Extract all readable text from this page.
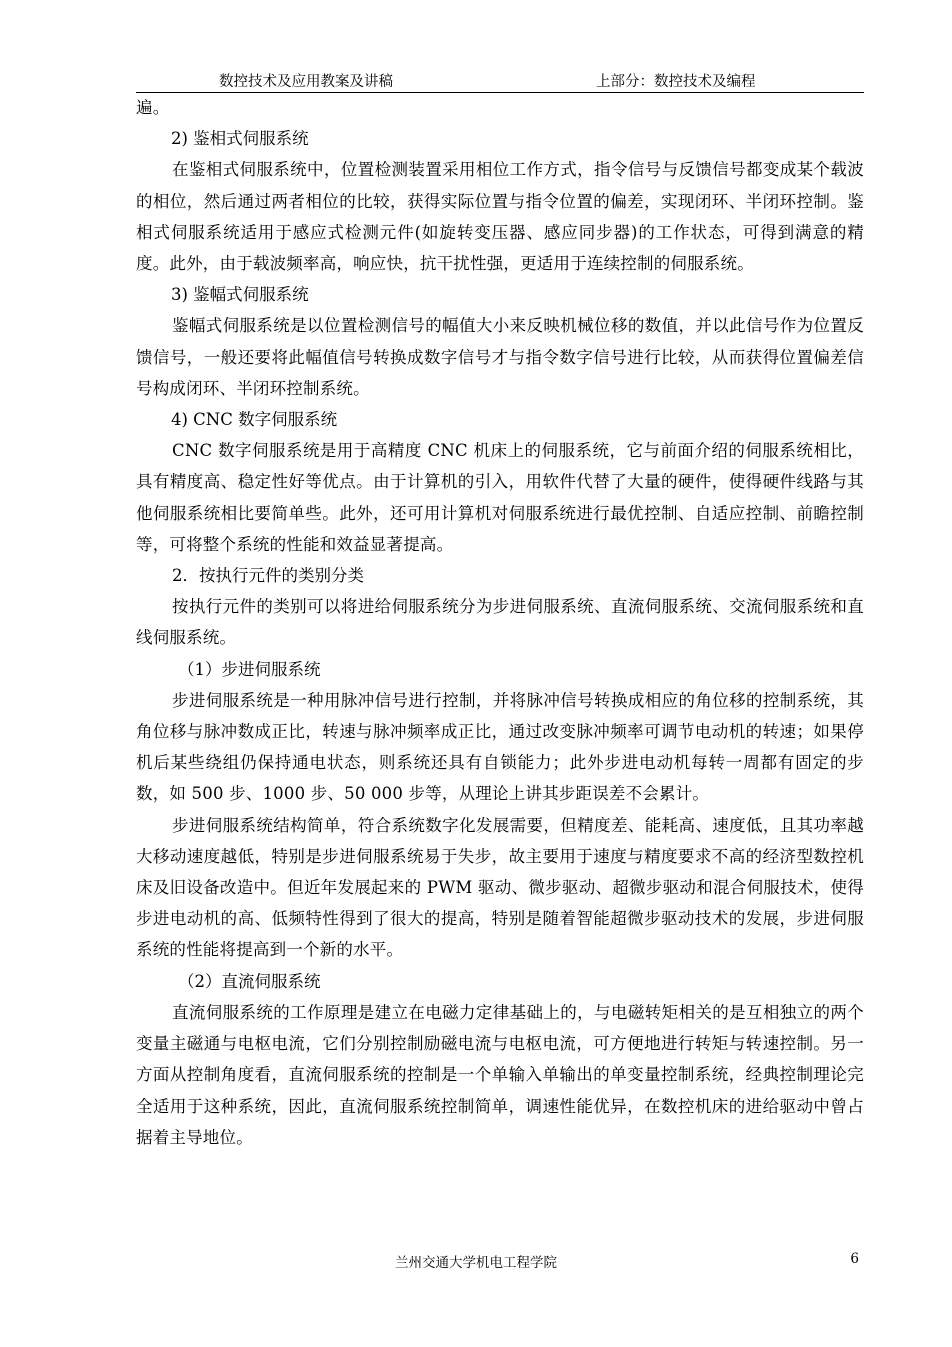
数控技术及应用教案及讲稿	上部分：数控技术及编程

遍。

2) 鉴相式伺服系统

在鉴相式伺服系统中，位置检测装置采用相位工作方式，指令信号与反馈信号都变成某个载波的相位，然后通过两者相位的比较，获得实际位置与指令位置的偏差，实现闭环、半闭环控制。鉴相式伺服系统适用于感应式检测元件(如旋转变压器、感应同步器)的工作状态，可得到满意的精度。此外，由于载波频率高，响应快，抗干扰性强，更适用于连续控制的伺服系统。

3) 鉴幅式伺服系统

鉴幅式伺服系统是以位置检测信号的幅值大小来反映机械位移的数值，并以此信号作为位置反馈信号，一般还要将此幅值信号转换成数字信号才与指令数字信号进行比较，从而获得位置偏差信号构成闭环、半闭环控制系统。

4) CNC 数字伺服系统

CNC 数字伺服系统是用于高精度 CNC 机床上的伺服系统，它与前面介绍的伺服系统相比，具有精度高、稳定性好等优点。由于计算机的引入，用软件代替了大量的硬件，使得硬件线路与其他伺服系统相比要简单些。此外，还可用计算机对伺服系统进行最优控制、自适应控制、前瞻控制等，可将整个系统的性能和效益显著提高。

2．按执行元件的类别分类

按执行元件的类别可以将进给伺服系统分为步进伺服系统、直流伺服系统、交流伺服系统和直线伺服系统。

（1）步进伺服系统

步进伺服系统是一种用脉冲信号进行控制，并将脉冲信号转换成相应的角位移的控制系统，其角位移与脉冲数成正比，转速与脉冲频率成正比，通过改变脉冲频率可调节电动机的转速；如果停机后某些绕组仍保持通电状态，则系统还具有自锁能力；此外步进电动机每转一周都有固定的步数，如 500 步、1000 步、50 000 步等，从理论上讲其步距误差不会累计。

步进伺服系统结构简单，符合系统数字化发展需要，但精度差、能耗高、速度低，且其功率越大移动速度越低，特别是步进伺服系统易于失步，故主要用于速度与精度要求不高的经济型数控机床及旧设备改造中。但近年发展起来的 PWM 驱动、微步驱动、超微步驱动和混合伺服技术，使得步进电动机的高、低频特性得到了很大的提高，特别是随着智能超微步驱动技术的发展，步进伺服系统的性能将提高到一个新的水平。

（2）直流伺服系统

直流伺服系统的工作原理是建立在电磁力定律基础上的，与电磁转矩相关的是互相独立的两个变量主磁通与电枢电流，它们分别控制励磁电流与电枢电流，可方便地进行转矩与转速控制。另一方面从控制角度看，直流伺服系统的控制是一个单输入单输出的单变量控制系统，经典控制理论完全适用于这种系统，因此，直流伺服系统控制简单，调速性能优异，在数控机床的进给驱动中曾占据着主导地位。

兰州交通大学机电工程学院	6
